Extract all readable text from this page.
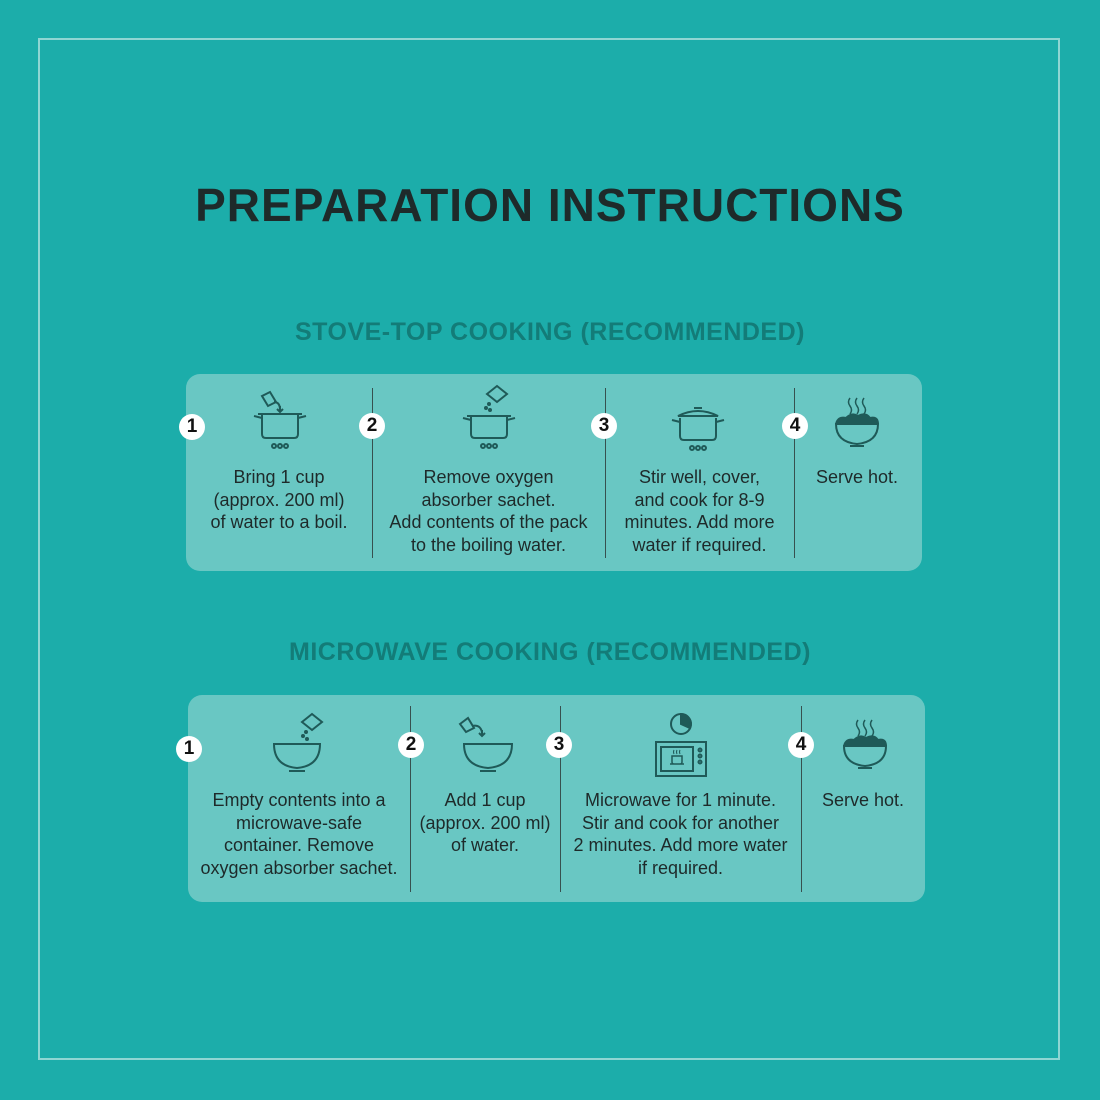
PREPARATION INSTRUCTIONS
STOVE-TOP COOKING (RECOMMENDED)
1
Bring 1 cup
(approx. 200 ml)
of water to a boil.
2
Remove oxygen
absorber sachet.
Add contents of the pack
to the boiling water.
3
Stir well, cover,
and cook for 8-9
minutes. Add more
water if required.
4
Serve hot.
MICROWAVE COOKING (RECOMMENDED)
1
Empty contents into a
microwave-safe
container. Remove
oxygen absorber sachet.
2
Add 1 cup
(approx. 200 ml)
of water.
3
Microwave for 1 minute.
Stir and cook for another
2 minutes. Add more water
if required.
4
Serve hot.
